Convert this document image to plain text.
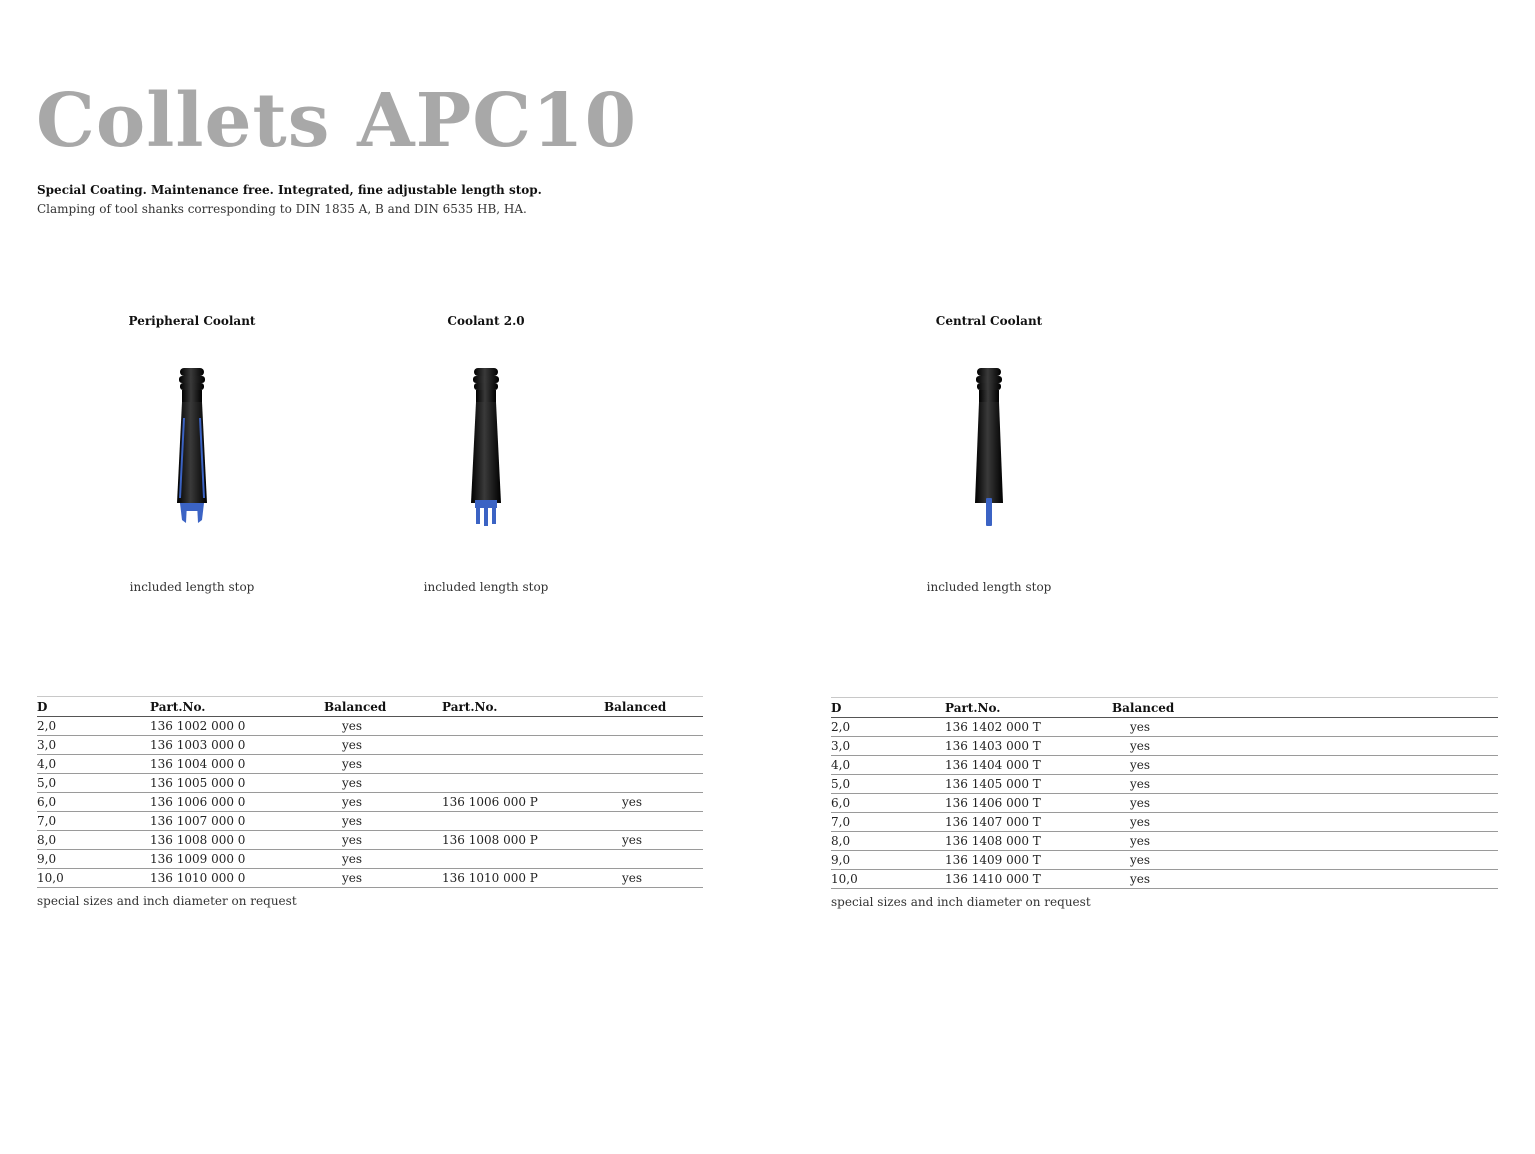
Collets APC10
Special Coating. Maintenance free. Integrated, fine adjustable length stop.
Clamping of tool shanks corresponding to DIN 1835 A, B and DIN 6535 HB, HA.
Peripheral Coolant
included length stop
Coolant 2.0
included length stop
Central Coolant
included length stop
D	Part.No.	Balanced	Part.No.	Balanced
2,0	136 1002 000 0	yes		
3,0	136 1003 000 0	yes		
4,0	136 1004 000 0	yes		
5,0	136 1005 000 0	yes		
6,0	136 1006 000 0	yes	136 1006 000 P	yes
7,0	136 1007 000 0	yes		
8,0	136 1008 000 0	yes	136 1008 000 P	yes
9,0	136 1009 000 0	yes		
10,0	136 1010 000 0	yes	136 1010 000 P	yes
special sizes and inch diameter on request
D	Part.No.	Balanced
2,0	136 1402 000 T	yes
3,0	136 1403 000 T	yes
4,0	136 1404 000 T	yes
5,0	136 1405 000 T	yes
6,0	136 1406 000 T	yes
7,0	136 1407 000 T	yes
8,0	136 1408 000 T	yes
9,0	136 1409 000 T	yes
10,0	136 1410 000 T	yes
special sizes and inch diameter on request
